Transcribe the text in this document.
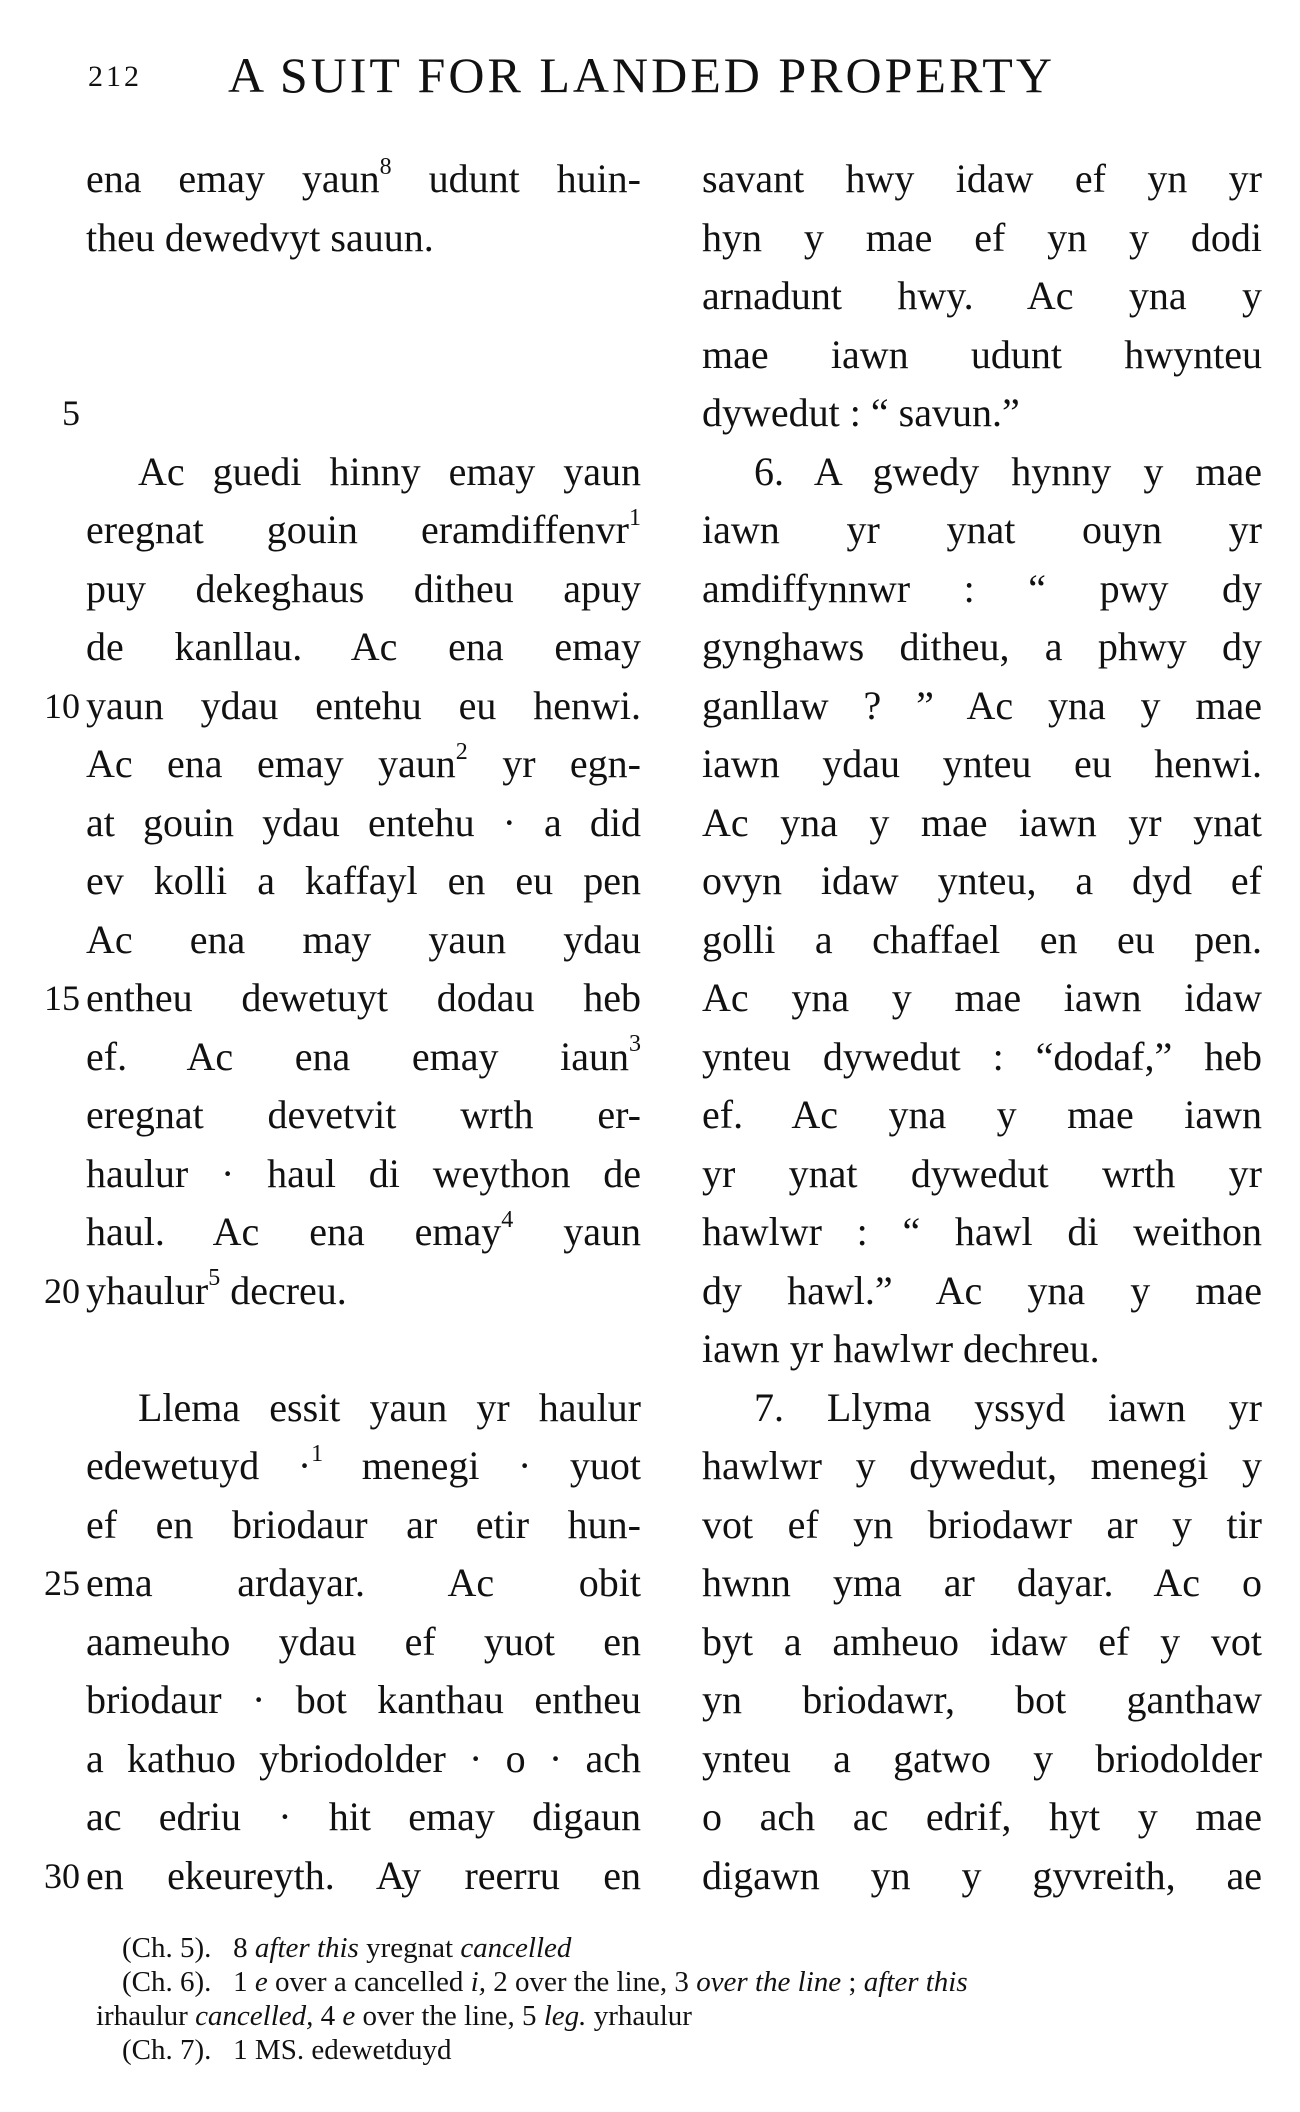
212 A SUIT FOR LANDED PROPERTY
5
10
15
20
25
30
ena emay yaun$^8$ udunt huin-
theu dewedvyt sauun.
Ac guedi hinny emay yaun
eregnat gouin eramdiffenvr$^1$
puy dekeghaus ditheu apuy
de kanllau. Ac ena emay
yaun ydau entehu eu henwi.
Ac ena emay yaun$^2$ yr egn-
at gouin ydau entehu · a did
ev kolli a kaffayl en eu pen
Ac ena may yaun ydau
entheu dewetuyt dodau heb
ef. Ac ena emay iaun$^3$
eregnat devetvit wrth er-
haulur · haul di weython de
haul. Ac ena emay$^4$ yaun
yhaulur$^5$ decreu.
Llema essit yaun yr haulur
edewetuyd ·$^1$ menegi · yuot
ef en briodaur ar etir hun-
ema ardayar. Ac obit
aameuho ydau ef yuot en
briodaur · bot kanthau entheu
a kathuo ybriodolder · o · ach
ac edriu · hit emay digaun
en ekeureyth. Ay reerru en
savant hwy idaw ef yn yr
hyn y mae ef yn y dodi
arnadunt hwy. Ac yna y
mae iawn udunt hwynteu
dywedut : “ savun.”
6. A gwedy hynny y mae
iawn yr ynat ouyn yr
amdiffynnwr : “ pwy dy
gynghaws ditheu, a phwy dy
ganllaw ? ” Ac yna y mae
iawn ydau ynteu eu henwi.
Ac yna y mae iawn yr ynat
ovyn idaw ynteu, a dyd ef
golli a chaffael en eu pen.
Ac yna y mae iawn idaw
ynteu dywedut : “dodaf,” heb
ef. Ac yna y mae iawn
yr ynat dywedut wrth yr
hawlwr : “ hawl di weithon
dy hawl.” Ac yna y mae
iawn yr hawlwr dechreu.
7. Llyma yssyd iawn yr
hawlwr y dywedut, menegi y
vot ef yn briodawr ar y tir
hwnn yma ar dayar. Ac o
byt a amheuo idaw ef y vot
yn briodawr, bot ganthaw
ynteu a gatwo y briodolder
o ach ac edrif, hyt y mae
digawn yn y gyvreith, ae
(Ch. 5). 8 after this yregnat cancelled
(Ch. 6). 1 e over a cancelled i, 2 over the line, 3 over the line ; after this
irhaulur cancelled, 4 e over the line, 5 leg. yrhaulur
(Ch. 7). 1 MS. edewetduyd
